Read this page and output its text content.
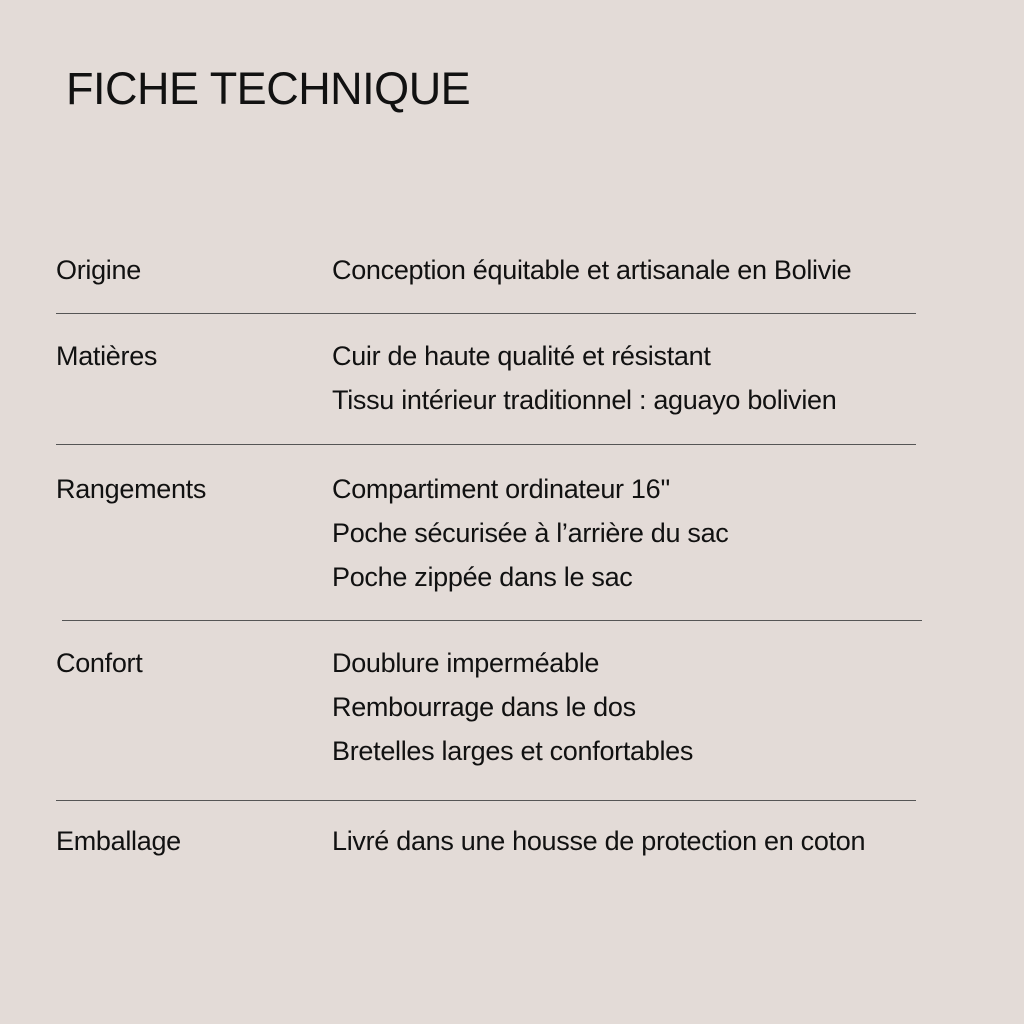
FICHE TECHNIQUE
Origine	Conception équitable et artisanale en Bolivie
Matières	Cuir de haute qualité et résistant
Tissu intérieur traditionnel : aguayo bolivien
Rangements	Compartiment ordinateur 16''
Poche sécurisée à l’arrière du sac
Poche zippée dans le sac
Confort	Doublure imperméable
Rembourrage dans le dos
Bretelles larges et confortables
Emballage	Livré dans une housse de protection en coton
